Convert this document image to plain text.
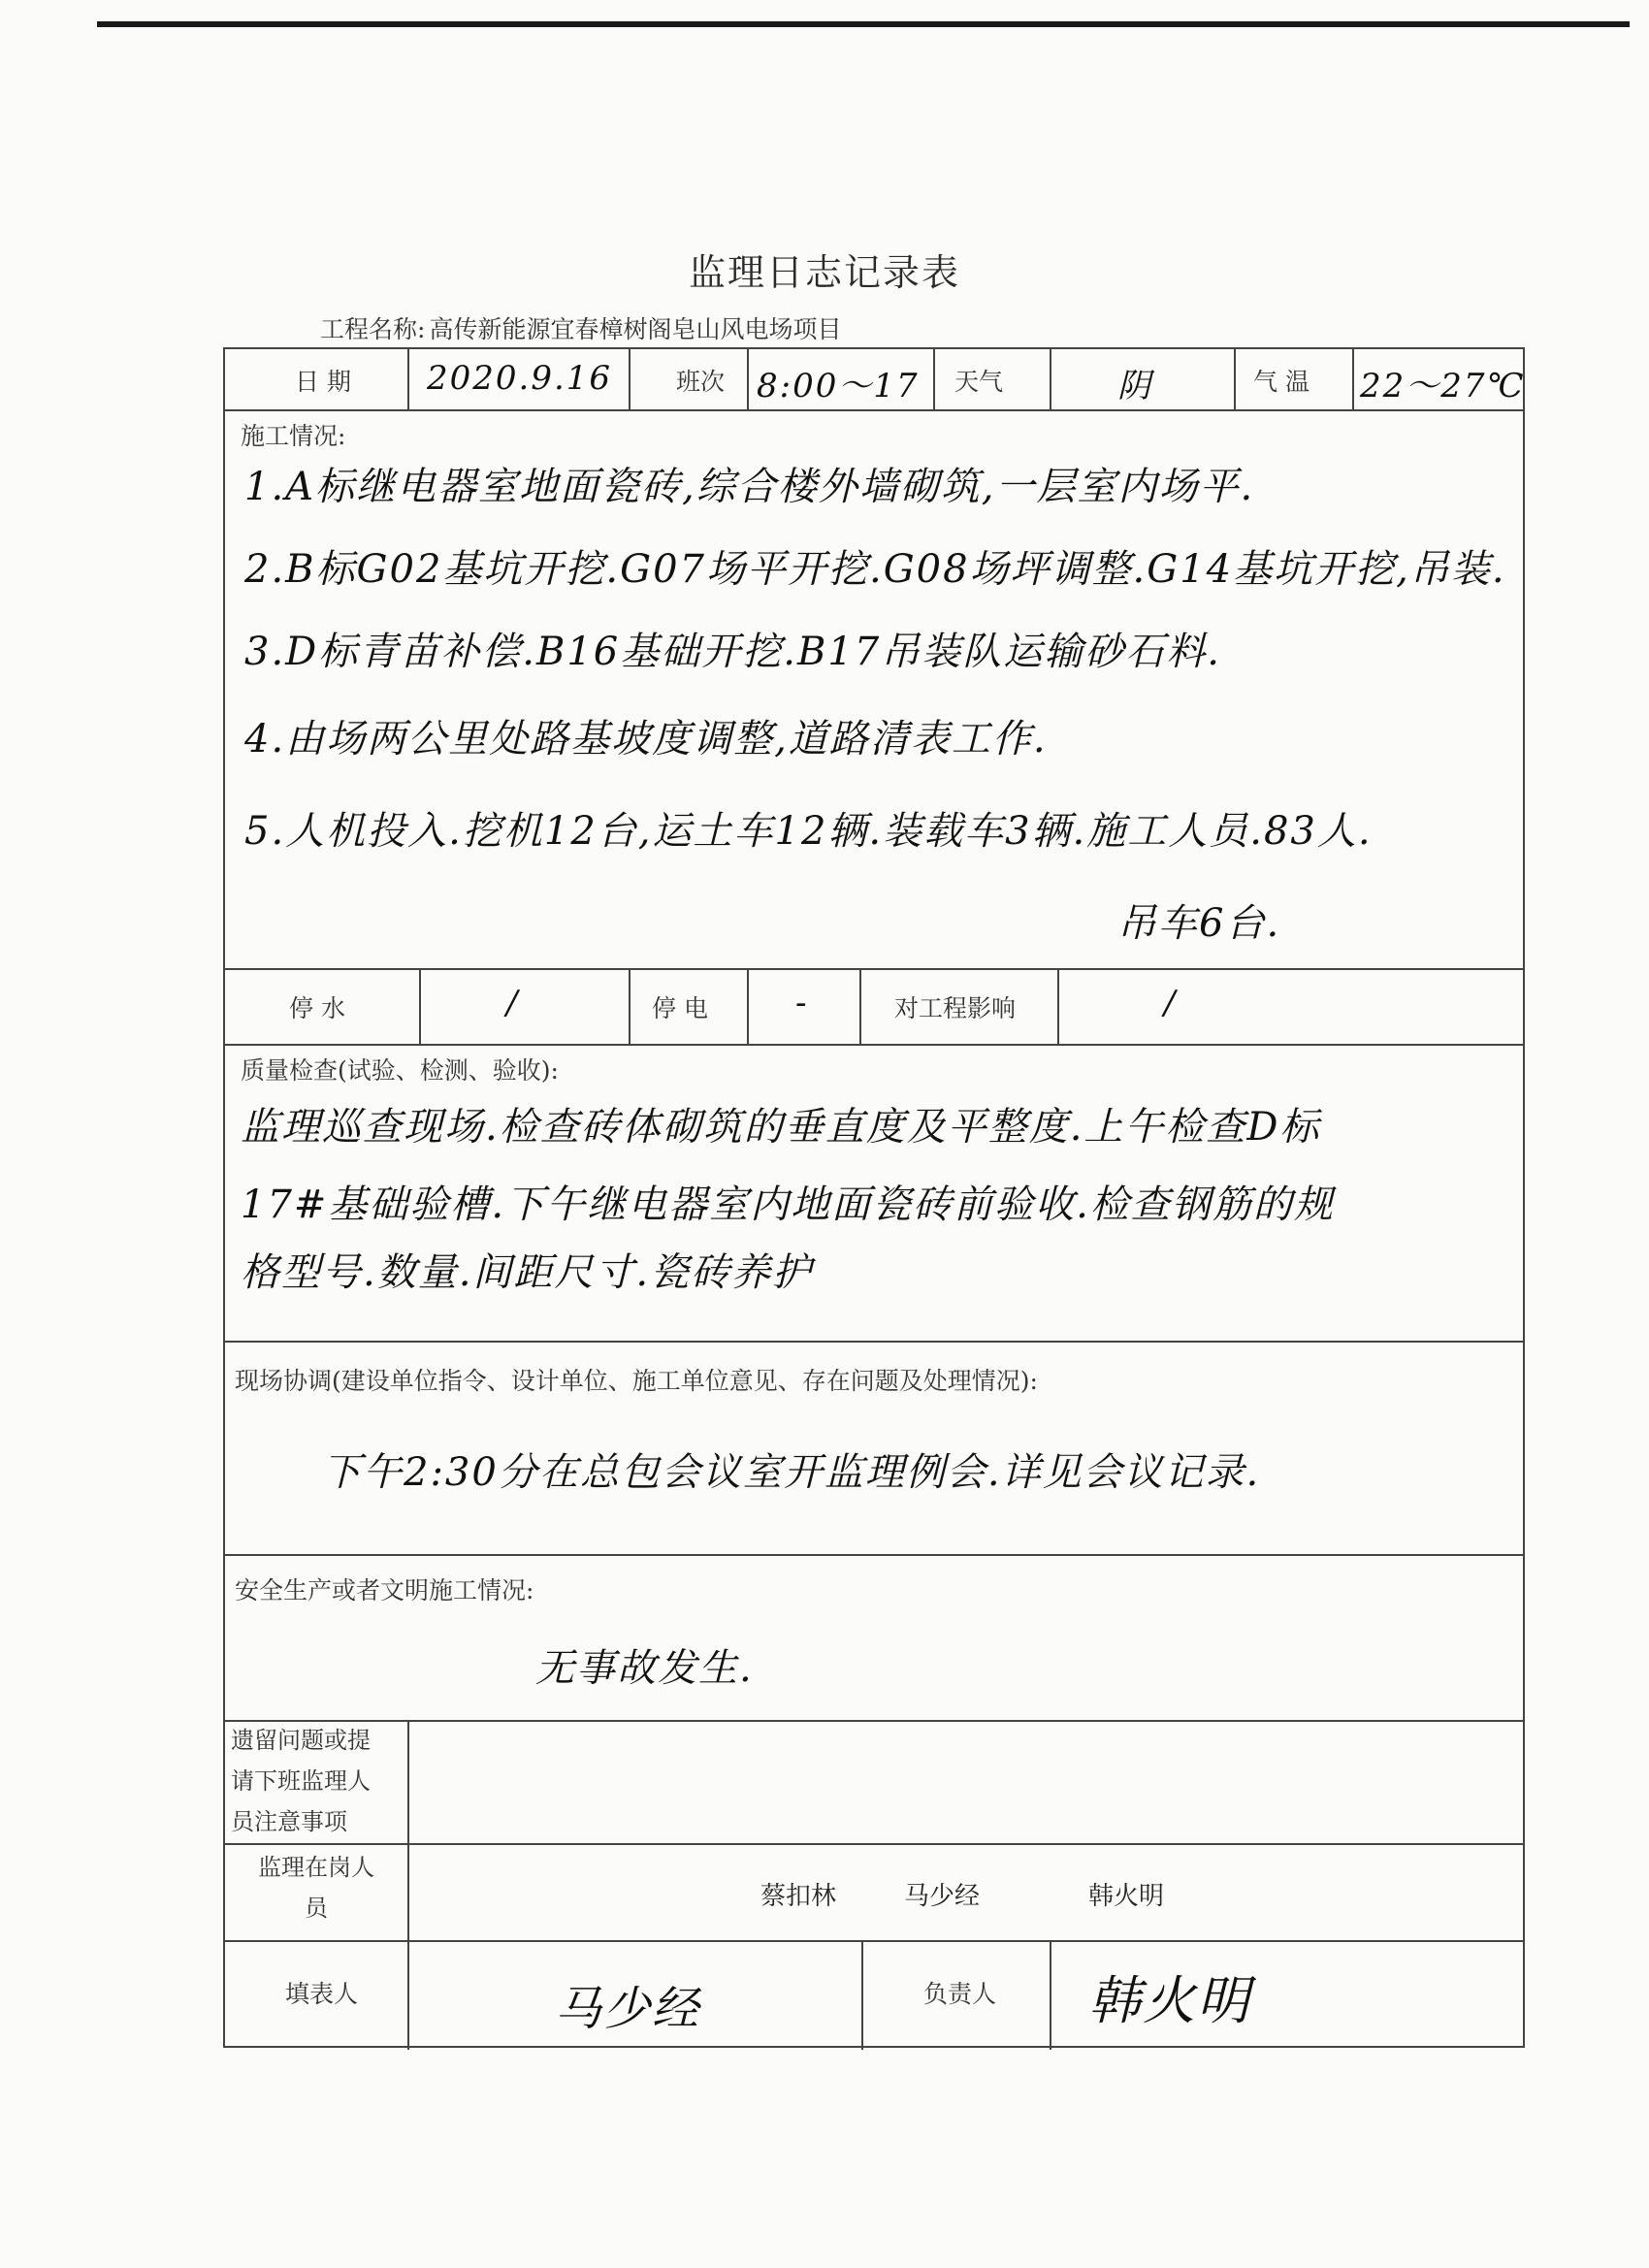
监理日志记录表
工程名称: 高传新能源宜春樟树阁皂山风电场项目
日 期 2020.9.16	班次 8:00～17 天气	阴	气 温 22～27℃
施工情况:
1.A标继电器室地面瓷砖,综合楼外墙砌筑,一层室内场平.
2.B标G02基坑开挖.G07场平开挖.G08场坪调整.G14基坑开挖,吊装.
3.D标青苗补偿.B16基础开挖.B17吊装队运输砂石料.
4.由场两公里处路基坡度调整,道路清表工作.
5.人机投入.挖机12台,运土车12辆.装载车3辆.施工人员.83人.
吊车6台.
停 水	/	停 电	-	对工程影响	/
质量检查(试验、检测、验收):
监理巡查现场.检查砖体砌筑的垂直度及平整度.上午检查D标
17#基础验槽.下午继电器室内地面瓷砖前验收.检查钢筋的规
格型号.数量.间距尺寸.瓷砖养护
现场协调(建设单位指令、设计单位、施工单位意见、存在问题及处理情况):
下午2:30分在总包会议室开监理例会.详见会议记录.
安全生产或者文明施工情况:
无事故发生.
遗留问题或提
请下班监理人
员注意事项
监理在岗人
员	蔡扣林	马少经	韩火明
填表人	马少经	负责人 韩火明
